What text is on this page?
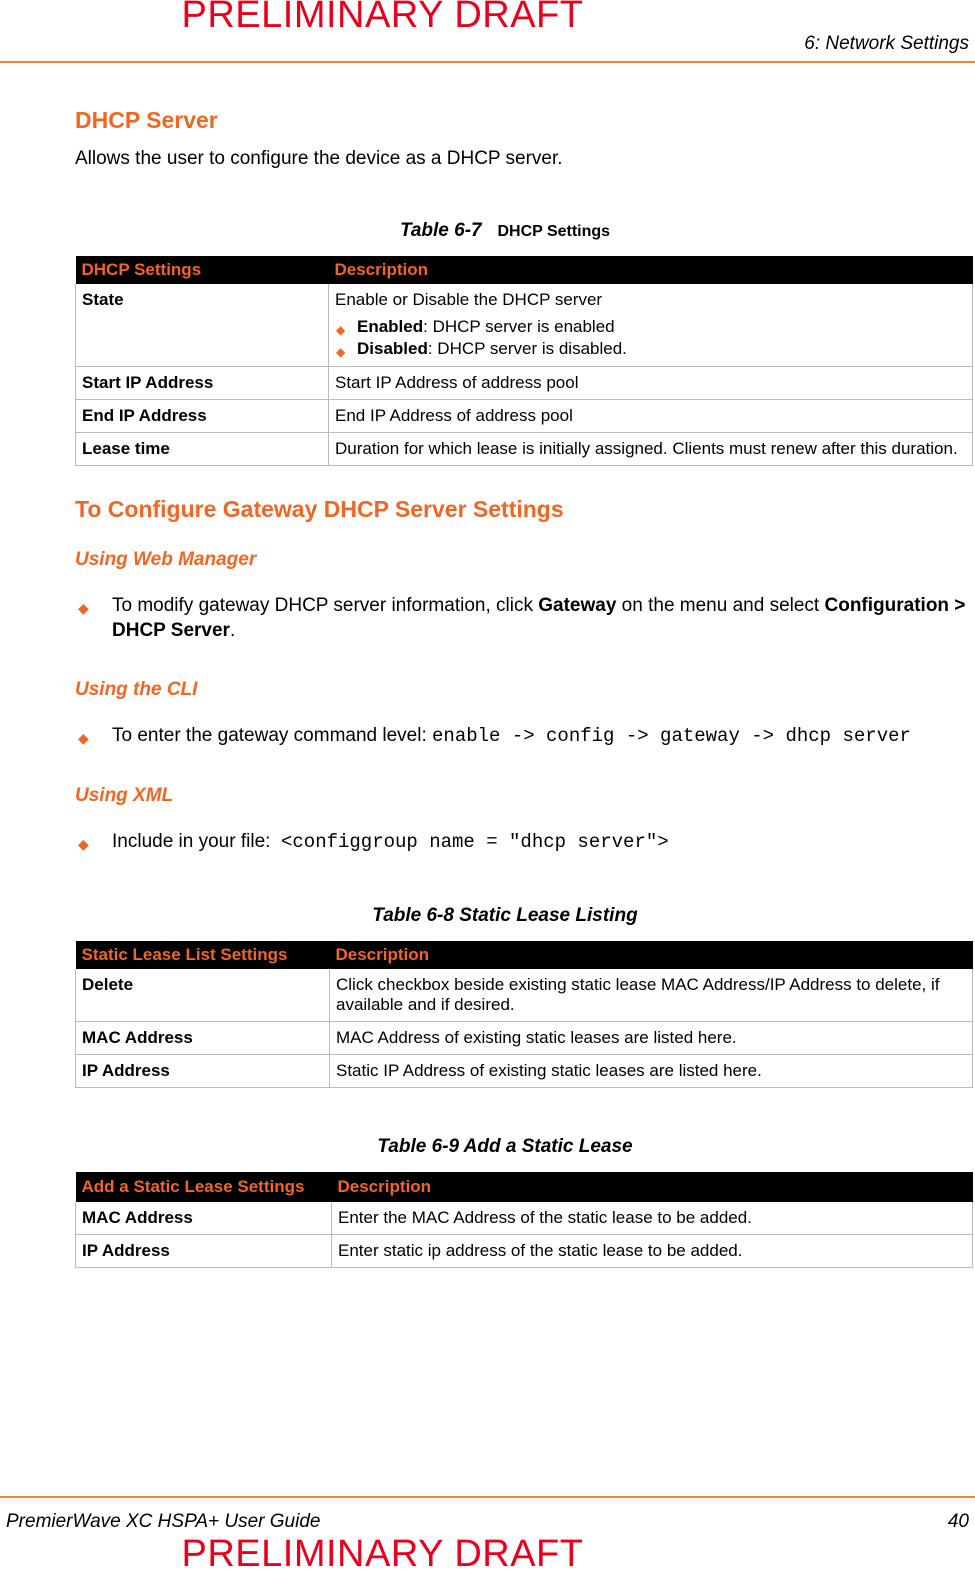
PRELIMINARY DRAFT
6: Network Settings
DHCP Server

Allows the user to configure the device as a DHCP server.

Table 6-7 DHCP Settings
DHCP Settings	Description
State	Enable or Disable the DHCP server
◆ Enabled: DHCP server is enabled
◆ Disabled: DHCP server is disabled.

Start IP Address	Start IP Address of address pool
End IP Address	End IP Address of address pool
Lease time	Duration for which lease is initially assigned. Clients must renew after this duration.
To Configure Gateway DHCP Server Settings
Using Web Manager
◆ To modify gateway DHCP server information, click Gateway on the menu and select Configuration > DHCP Server.
Using the CLI
◆ To enter the gateway command level: enable -> config -> gateway -> dhcp server
Using XML
◆ Include in your file:  <configgroup name = "dhcp server">
Table 6-8 Static Lease Listing
Static Lease List Settings	Description
Delete	Click checkbox beside existing static lease MAC Address/IP Address to delete, if available and if desired.
MAC Address	MAC Address of existing static leases are listed here.
IP Address	Static IP Address of existing static leases are listed here.
Table 6-9 Add a Static Lease
Add a Static Lease Settings	Description
MAC Address	Enter the MAC Address of the static lease to be added.
IP Address	Enter static ip address of the static lease to be added.
PremierWave XC HSPA+ User Guide	40
PRELIMINARY DRAFT
